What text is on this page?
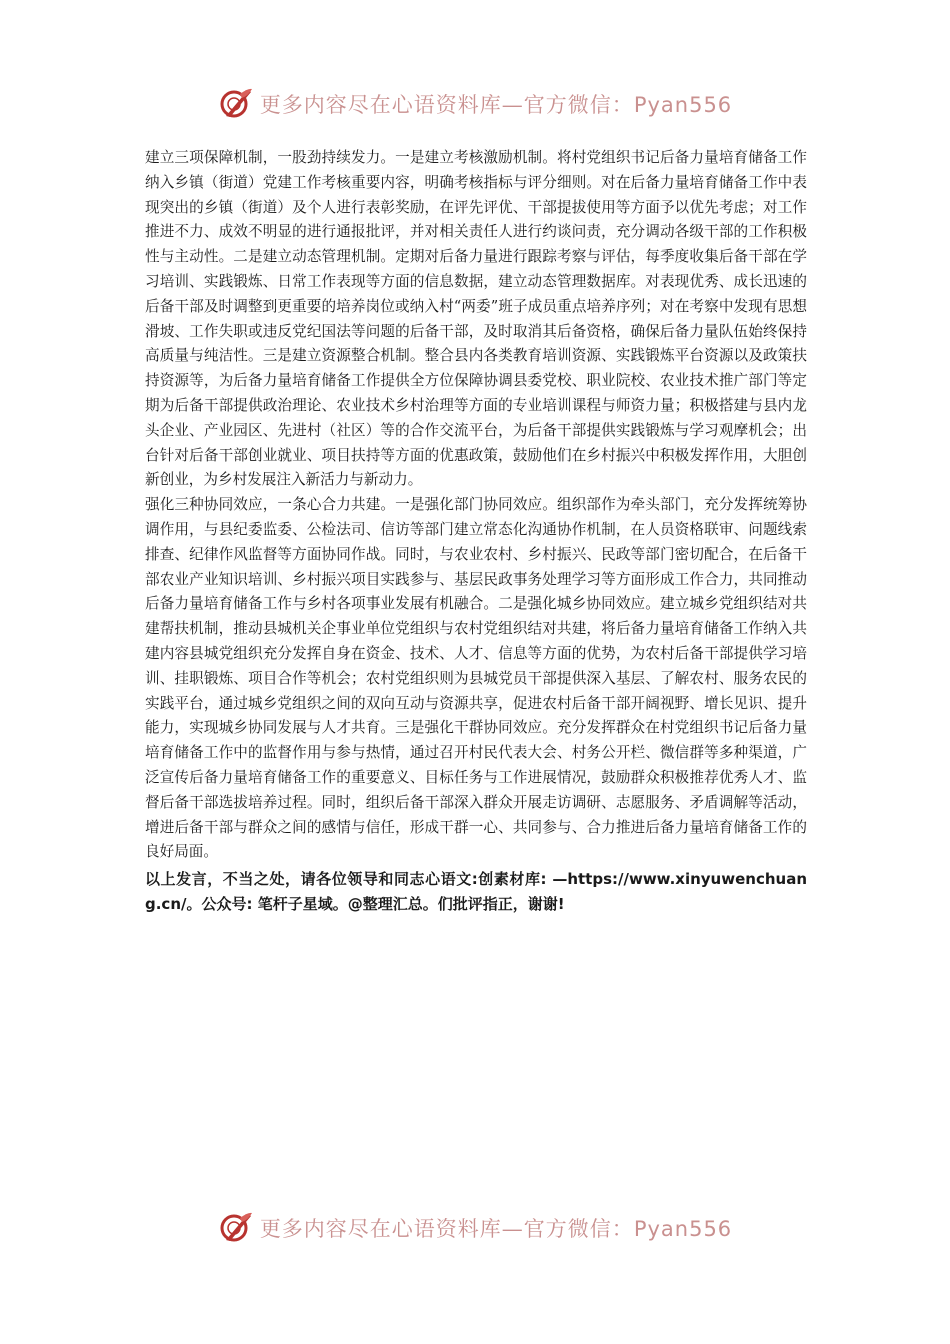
更多内容尽在心语资料库—官方微信：Pyan556

建立三项保障机制，一股劲持续发力。一是建立考核激励机制。将村党组织书记后备力量培育储备工作纳入乡镇（街道）党建工作考核重要内容，明确考核指标与评分细则。对在后备力量培育储备工作中表现突出的乡镇（街道）及个人进行表彰奖励，在评先评优、干部提拔使用等方面予以优先考虑；对工作推进不力、成效不明显的进行通报批评，并对相关责任人进行约谈问责，充分调动各级干部的工作积极性与主动性。二是建立动态管理机制。定期对后备力量进行跟踪考察与评估，每季度收集后备干部在学习培训、实践锻炼、日常工作表现等方面的信息数据，建立动态管理数据库。对表现优秀、成长迅速的后备干部及时调整到更重要的培养岗位或纳入村“两委”班子成员重点培养序列；对在考察中发现有思想滑坡、工作失职或违反党纪国法等问题的后备干部，及时取消其后备资格，确保后备力量队伍始终保持高质量与纯洁性。三是建立资源整合机制。整合县内各类教育培训资源、实践锻炼平台资源以及政策扶持资源等，为后备力量培育储备工作提供全方位保障协调县委党校、职业院校、农业技术推广部门等定期为后备干部提供政治理论、农业技术乡村治理等方面的专业培训课程与师资力量；积极搭建与县内龙头企业、产业园区、先进村（社区）等的合作交流平台，为后备干部提供实践锻炼与学习观摩机会；出台针对后备干部创业就业、项目扶持等方面的优惠政策，鼓励他们在乡村振兴中积极发挥作用，大胆创新创业，为乡村发展注入新活力与新动力。

强化三种协同效应，一条心合力共建。一是强化部门协同效应。组织部作为牵头部门，充分发挥统筹协调作用，与县纪委监委、公检法司、信访等部门建立常态化沟通协作机制，在人员资格联审、问题线索排查、纪律作风监督等方面协同作战。同时，与农业农村、乡村振兴、民政等部门密切配合，在后备干部农业产业知识培训、乡村振兴项目实践参与、基层民政事务处理学习等方面形成工作合力，共同推动后备力量培育储备工作与乡村各项事业发展有机融合。二是强化城乡协同效应。建立城乡党组织结对共建帮扶机制，推动县城机关企事业单位党组织与农村党组织结对共建，将后备力量培育储备工作纳入共建内容县城党组织充分发挥自身在资金、技术、人才、信息等方面的优势，为农村后备干部提供学习培训、挂职锻炼、项目合作等机会；农村党组织则为县城党员干部提供深入基层、了解农村、服务农民的实践平台，通过城乡党组织之间的双向互动与资源共享，促进农村后备干部开阔视野、增长见识、提升能力，实现城乡协同发展与人才共育。三是强化干群协同效应。充分发挥群众在村党组织书记后备力量培育储备工作中的监督作用与参与热情，通过召开村民代表大会、村务公开栏、微信群等多种渠道，广泛宣传后备力量培育储备工作的重要意义、目标任务与工作进展情况，鼓励群众积极推荐优秀人才、监督后备干部选拔培养过程。同时，组织后备干部深入群众开展走访调研、志愿服务、矛盾调解等活动，增进后备干部与群众之间的感情与信任，形成干群一心、共同参与、合力推进后备力量培育储备工作的良好局面。

以上发言，不当之处，请各位领导和同志心语文:创素材库: —https://www.xinyuwenchuang.cn/。公众号: 笔杆子星域。@整理汇总。们批评指正，谢谢!

更多内容尽在心语资料库—官方微信：Pyan556
